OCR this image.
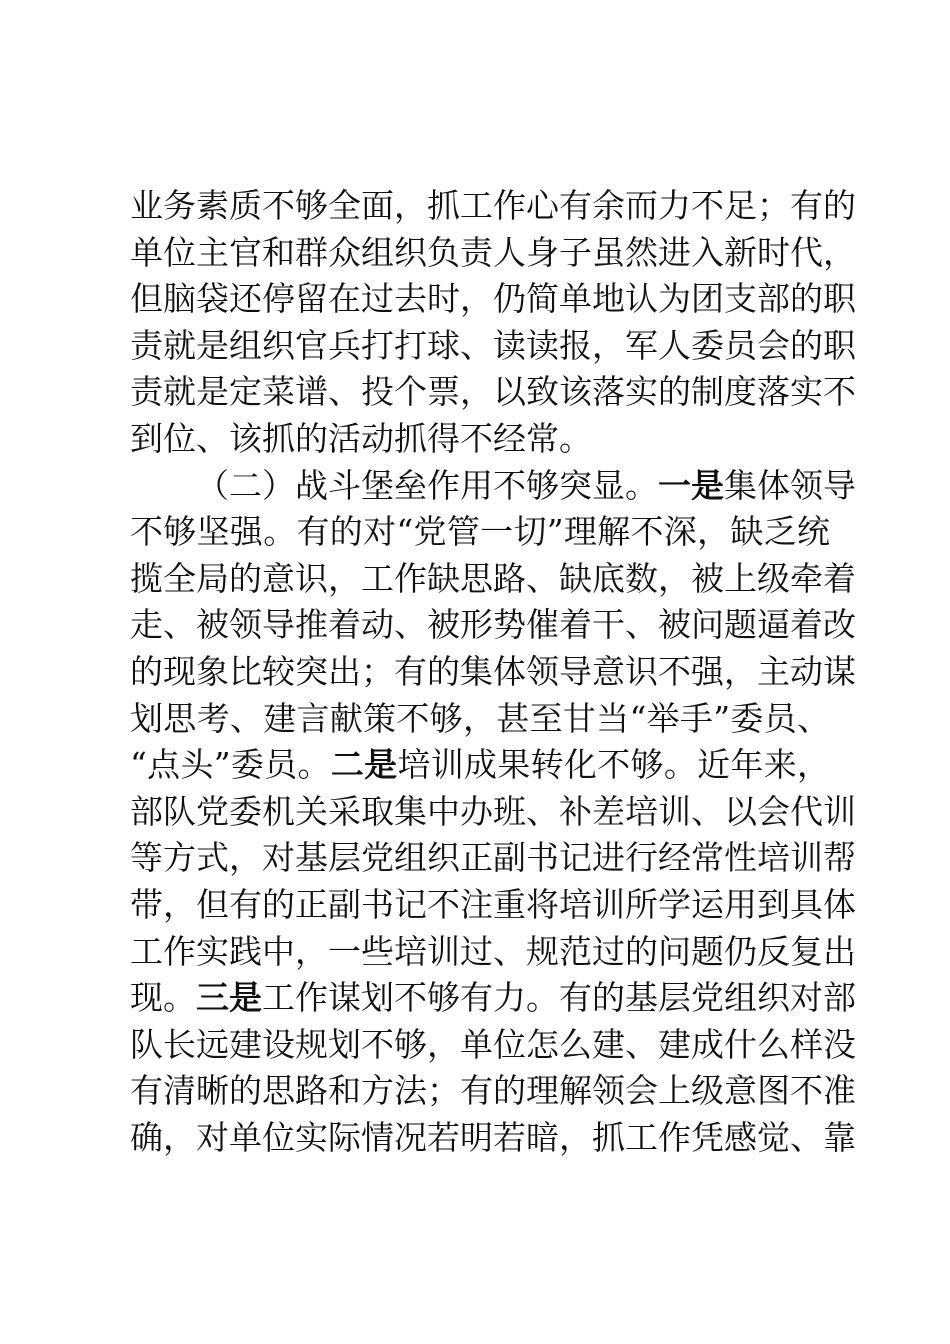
业务素质不够全面，抓工作心有余而力不足；有的
单位主官和群众组织负责人身子虽然进入新时代，
但脑袋还停留在过去时，仍简单地认为团支部的职
责就是组织官兵打打球、读读报，军人委员会的职
责就是定菜谱、投个票，以致该落实的制度落实不
到位、该抓的活动抓得不经常。
（二）战斗堡垒作用不够突显。一是集体领导
不够坚强。有的对“党管一切”理解不深，缺乏统
揽全局的意识，工作缺思路、缺底数，被上级牵着
走、被领导推着动、被形势催着干、被问题逼着改
的现象比较突出；有的集体领导意识不强，主动谋
划思考、建言献策不够，甚至甘当“举手”委员、
“点头”委员。二是培训成果转化不够。近年来，
部队党委机关采取集中办班、补差培训、以会代训
等方式，对基层党组织正副书记进行经常性培训帮
带，但有的正副书记不注重将培训所学运用到具体
工作实践中，一些培训过、规范过的问题仍反复出
现。三是工作谋划不够有力。有的基层党组织对部
队长远建设规划不够，单位怎么建、建成什么样没
有清晰的思路和方法；有的理解领会上级意图不准
确，对单位实际情况若明若暗，抓工作凭感觉、靠
